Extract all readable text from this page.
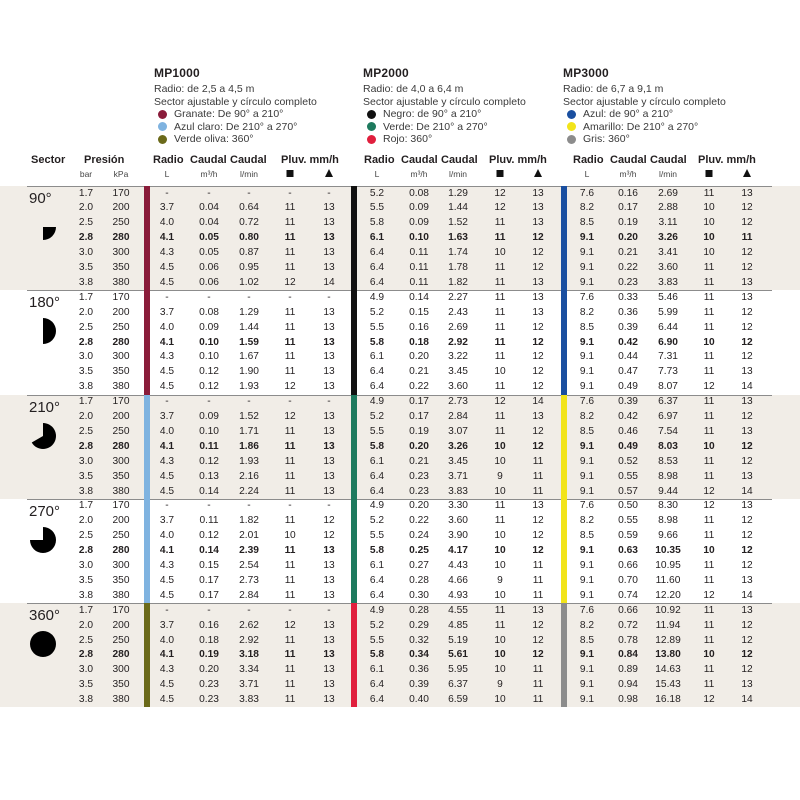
MP1000
Radio: de 2,5 a 4,5 m
Sector ajustable y círculo completo
Granate: De 90° a 210°
Azul claro: De 210° a 270°
Verde oliva: 360°
MP2000
Radio: de 4,0 a 6,4 m
Sector ajustable y círculo completo
Negro: de 90° a 210°
Verde: De 210° a 270°
Rojo: 360°
MP3000
Radio: de 6,7 a 9,1 m
Sector ajustable y círculo completo
Azul: de 90° a 210°
Amarillo: De 210° a 270°
Gris: 360°
Sector Presión
bar	kPa
Radio Caudal Caudal Pluv. mm/h
L	m³/h	l/min
Radio Caudal Caudal Pluv. mm/h
L	m³/h	l/min
Radio Caudal Caudal Pluv. mm/h
L	m³/h	l/min
90°	1.7	170	-	-	-	-	-	5.2	0.08	1.29	12	13	7.6	0.16	2.69	11	13
2.0	200	3.7	0.04	0.64	11	13	5.5	0.09	1.44	12	13	8.2	0.17	2.88	10	12
2.5	250	4.0	0.04	0.72	11	13	5.8	0.09	1.52	11	13	8.5	0.19	3.11	10	12
2.8	280	4.1	0.05	0.80	11	13	6.1	0.10	1.63	11	12	9.1	0.20	3.26	10	11
3.0	300	4.3	0.05	0.87	11	13	6.4	0.11	1.74	10	12	9.1	0.21	3.41	10	12
3.5	350	4.5	0.06	0.95	11	13	6.4	0.11	1.78	11	12	9.1	0.22	3.60	11	12
3.8	380	4.5	0.06	1.02	12	14	6.4	0.11	1.82	11	13	9.1	0.23	3.83	11	13
180°	1.7	170	-	-	-	-	-	4.9	0.14	2.27	11	13	7.6	0.33	5.46	11	13
2.0	200	3.7	0.08	1.29	11	13	5.2	0.15	2.43	11	13	8.2	0.36	5.99	11	12
2.5	250	4.0	0.09	1.44	11	13	5.5	0.16	2.69	11	12	8.5	0.39	6.44	11	12
2.8	280	4.1	0.10	1.59	11	13	5.8	0.18	2.92	11	12	9.1	0.42	6.90	10	12
3.0	300	4.3	0.10	1.67	11	13	6.1	0.20	3.22	11	12	9.1	0.44	7.31	11	12
3.5	350	4.5	0.12	1.90	11	13	6.4	0.21	3.45	10	12	9.1	0.47	7.73	11	13
3.8	380	4.5	0.12	1.93	12	13	6.4	0.22	3.60	11	12	9.1	0.49	8.07	12	14
210°	1.7	170	-	-	-	-	-	4.9	0.17	2.73	12	14	7.6	0.39	6.37	11	13
2.0	200	3.7	0.09	1.52	12	13	5.2	0.17	2.84	11	13	8.2	0.42	6.97	11	12
2.5	250	4.0	0.10	1.71	11	13	5.5	0.19	3.07	11	12	8.5	0.46	7.54	11	13
2.8	280	4.1	0.11	1.86	11	13	5.8	0.20	3.26	10	12	9.1	0.49	8.03	10	12
3.0	300	4.3	0.12	1.93	11	13	6.1	0.21	3.45	10	11	9.1	0.52	8.53	11	12
3.5	350	4.5	0.13	2.16	11	13	6.4	0.23	3.71	9	11	9.1	0.55	8.98	11	13
3.8	380	4.5	0.14	2.24	11	13	6.4	0.23	3.83	10	11	9.1	0.57	9.44	12	14
270°	1.7	170	-	-	-	-	-	4.9	0.20	3.30	11	13	7.6	0.50	8.30	12	13
2.0	200	3.7	0.11	1.82	11	12	5.2	0.22	3.60	11	12	8.2	0.55	8.98	11	12
2.5	250	4.0	0.12	2.01	10	12	5.5	0.24	3.90	10	12	8.5	0.59	9.66	11	12
2.8	280	4.1	0.14	2.39	11	13	5.8	0.25	4.17	10	12	9.1	0.63	10.35	10	12
3.0	300	4.3	0.15	2.54	11	13	6.1	0.27	4.43	10	11	9.1	0.66	10.95	11	12
3.5	350	4.5	0.17	2.73	11	13	6.4	0.28	4.66	9	11	9.1	0.70	11.60	11	13
3.8	380	4.5	0.17	2.84	11	13	6.4	0.30	4.93	10	11	9.1	0.74	12.20	12	14
360°	1.7	170	-	-	-	-	-	4.9	0.28	4.55	11	13	7.6	0.66	10.92	11	13
2.0	200	3.7	0.16	2.62	12	13	5.2	0.29	4.85	11	12	8.2	0.72	11.94	11	12
2.5	250	4.0	0.18	2.92	11	13	5.5	0.32	5.19	10	12	8.5	0.78	12.89	11	12
2.8	280	4.1	0.19	3.18	11	13	5.8	0.34	5.61	10	12	9.1	0.84	13.80	10	12
3.0	300	4.3	0.20	3.34	11	13	6.1	0.36	5.95	10	11	9.1	0.89	14.63	11	12
3.5	350	4.5	0.23	3.71	11	13	6.4	0.39	6.37	9	11	9.1	0.94	15.43	11	13
3.8	380	4.5	0.23	3.83	11	13	6.4	0.40	6.59	10	11	9.1	0.98	16.18	12	14
